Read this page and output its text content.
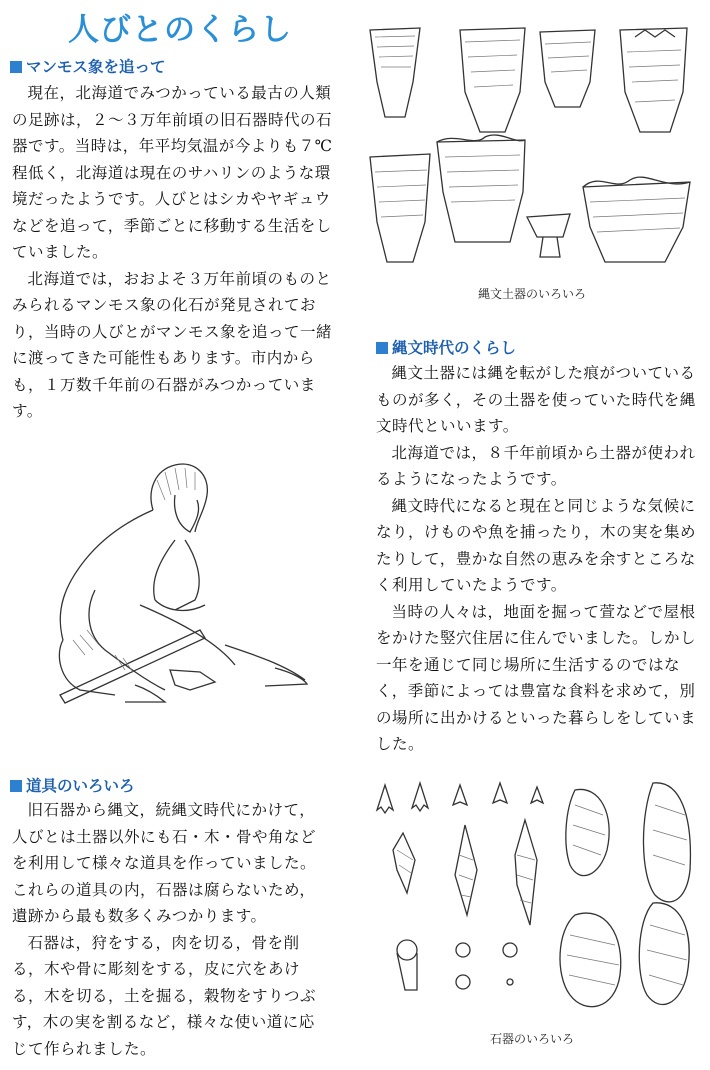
人びとのくらし
マンモス象を追って

現在，北海道でみつかっている最古の人類の足跡は，２～３万年前頃の旧石器時代の石器です。当時は，年平均気温が今よりも７℃程低く，北海道は現在のサハリンのような環境だったようです。人びとはシカやヤギュウなどを追って，季節ごとに移動する生活をしていました。

北海道では，おおよそ３万年前頃のものとみられるマンモス象の化石が発見されており，当時の人びとがマンモス象を追って一緒に渡ってきた可能性もあります。市内からも，１万数千年前の石器がみつかっています。

道具のいろいろ

旧石器から縄文，続縄文時代にかけて，人びとは土器以外にも石・木・骨や角などを利用して様々な道具を作っていました。これらの道具の内，石器は腐らないため，遺跡から最も数多くみつかります。

石器は，狩をする，肉を切る，骨を削る，木や骨に彫刻をする，皮に穴をあける，木を切る，土を掘る，穀物をすりつぶす，木の実を割るなど，様々な使い道に応じて作られました。

縄文土器のいろいろ
縄文時代のくらし

縄文土器には縄を転がした痕がついているものが多く，その土器を使っていた時代を縄文時代といいます。

北海道では，８千年前頃から土器が使われるようになったようです。

縄文時代になると現在と同じような気候になり，けものや魚を捕ったり，木の実を集めたりして，豊かな自然の恵みを余すところなく利用していたようです。

当時の人々は，地面を掘って萱などで屋根をかけた竪穴住居に住んでいました。しかし一年を通じて同じ場所に生活するのではなく，季節によっては豊富な食料を求めて，別の場所に出かけるといった暮らしをしていました。

石器のいろいろ
